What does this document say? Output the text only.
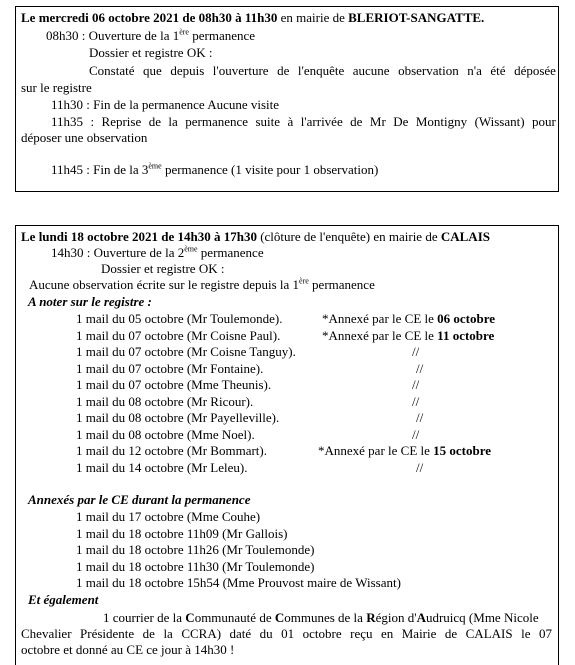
Le mercredi 06 octobre 2021 de 08h30 à 11h30 en mairie de BLERIOT-SANGATTE.
08h30 : Ouverture de la 1ère permanence
Dossier et registre OK :
Constaté que depuis l'ouverture de l'enquête aucune observation n'a été déposée
sur le registre
11h30 : Fin de la permanence Aucune visite
11h35 : Reprise de la permanence suite à l'arrivée de Mr De Montigny (Wissant) pour
déposer une observation
11h45 : Fin de la 3ème permanence (1 visite pour 1 observation)
Le lundi 18 octobre 2021 de 14h30 à 17h30 (clôture de l'enquête) en mairie de CALAIS
14h30 : Ouverture de la 2ème permanence
Dossier et registre OK :
Aucune observation écrite sur le registre depuis la 1ère permanence
A noter sur le registre :
1 mail du 05 octobre (Mr Toulemonde).	*Annexé par le CE le 06 octobre
1 mail du 07 octobre (Mr Coisne Paul).	*Annexé par le CE le 11 octobre
1 mail du 07 octobre (Mr Coisne Tanguy).	//
1 mail du 07 octobre (Mr Fontaine).	//
1 mail du 07 octobre (Mme Theunis).	//
1 mail du 08 octobre (Mr Ricour).	//
1 mail du 08 octobre (Mr Payelleville).	//
1 mail du 08 octobre (Mme Noel).	//
1 mail du 12 octobre (Mr Bommart).	*Annexé par le CE le 15 octobre
1 mail du 14 octobre (Mr Leleu).	//
Annexés par le CE durant la permanence
1 mail du 17 octobre (Mme Couhe)
1 mail du 18 octobre 11h09 (Mr Gallois)
1 mail du 18 octobre 11h26 (Mr Toulemonde)
1 mail du 18 octobre 11h30 (Mr Toulemonde)
1 mail du 18 octobre 15h54 (Mme Prouvost maire de Wissant)
Et également
1 courrier de la Communauté de Communes de la Région d'Audruicq (Mme Nicole
Chevalier Présidente de la CCRA) daté du 01 octobre reçu en Mairie de CALAIS le 07
octobre et donné au CE ce jour à 14h30 !
